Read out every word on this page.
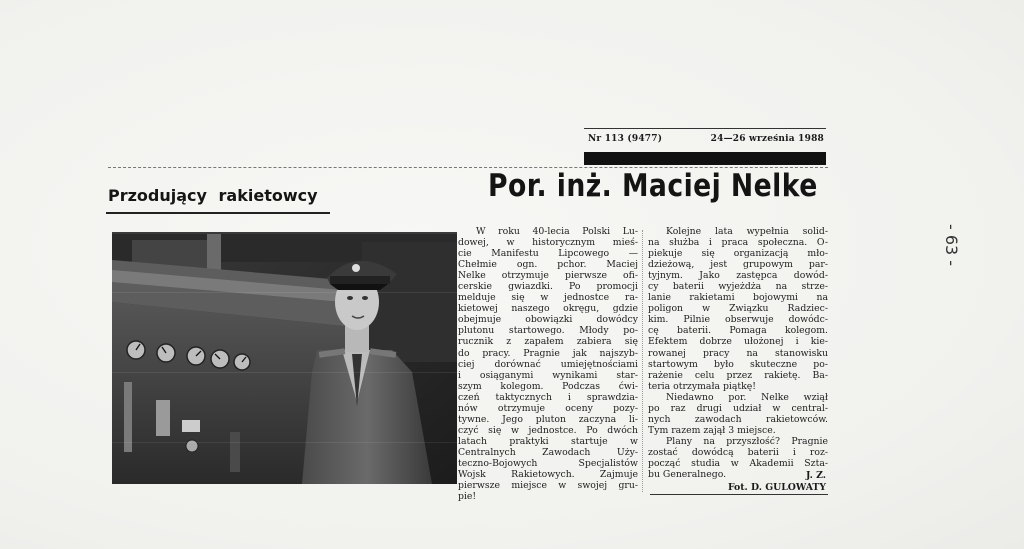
Nr 113 (9477)	24—26 września 1988
Przodujący rakietowcy	Por. inż. Maciej Nelke
W roku 40-lecia Polski Lu-
dowej, w historycznym mieś-
cie Manifestu Lipcowego —
Chełmie ogn. pchor. Maciej
Nelke otrzymuje pierwsze ofi-
cerskie gwiazdki. Po promocji
melduje się w jednostce ra-
kietowej naszego okręgu, gdzie
obejmuje obowiązki dowódcy
plutonu startowego. Młody po-
rucznik z zapałem zabiera się
do pracy. Pragnie jak najszyb-
ciej dorównać umiejętnościami
i osiąganymi wynikami star-
szym kolegom. Podczas ćwi-
czeń taktycznych i sprawdzia-
nów otrzymuje oceny pozy-
tywne. Jego pluton zaczyna li-
czyć się w jednostce. Po dwóch
latach praktyki startuje w
Centralnych Zawodach Uży-
teczno-Bojowych Specjalistów
Wojsk Rakietowych. Zajmuje
pierwsze miejsce w swojej gru-
pie!
Kolejne lata wypełnia solid-
na służba i praca społeczna. O-
piekuje się organizacją mło-
dzieżową, jest grupowym par-
tyjnym. Jako zastępca dowód-
cy baterii wyjeżdża na strze-
lanie rakietami bojowymi na
poligon w Związku Radziec-
kim. Pilnie obserwuje dowódc-
cę baterii. Pomaga kolegom.
Efektem dobrze ułożonej i kie-
rowanej pracy na stanowisku
startowym było skuteczne po-
rażenie celu przez rakietę. Ba-
teria otrzymała piątkę!
Niedawno por. Nelke wziął
po raz drugi udział w central-
nych zawodach rakietowców.
Tym razem zajął 3 miejsce.
Plany na przyszłość? Pragnie
zostać dowódcą baterii i roz-
począć studia w Akademii Szta-
bu Generalnego.	J. Z.
Fot. D. GULOWATY
- 63 -
